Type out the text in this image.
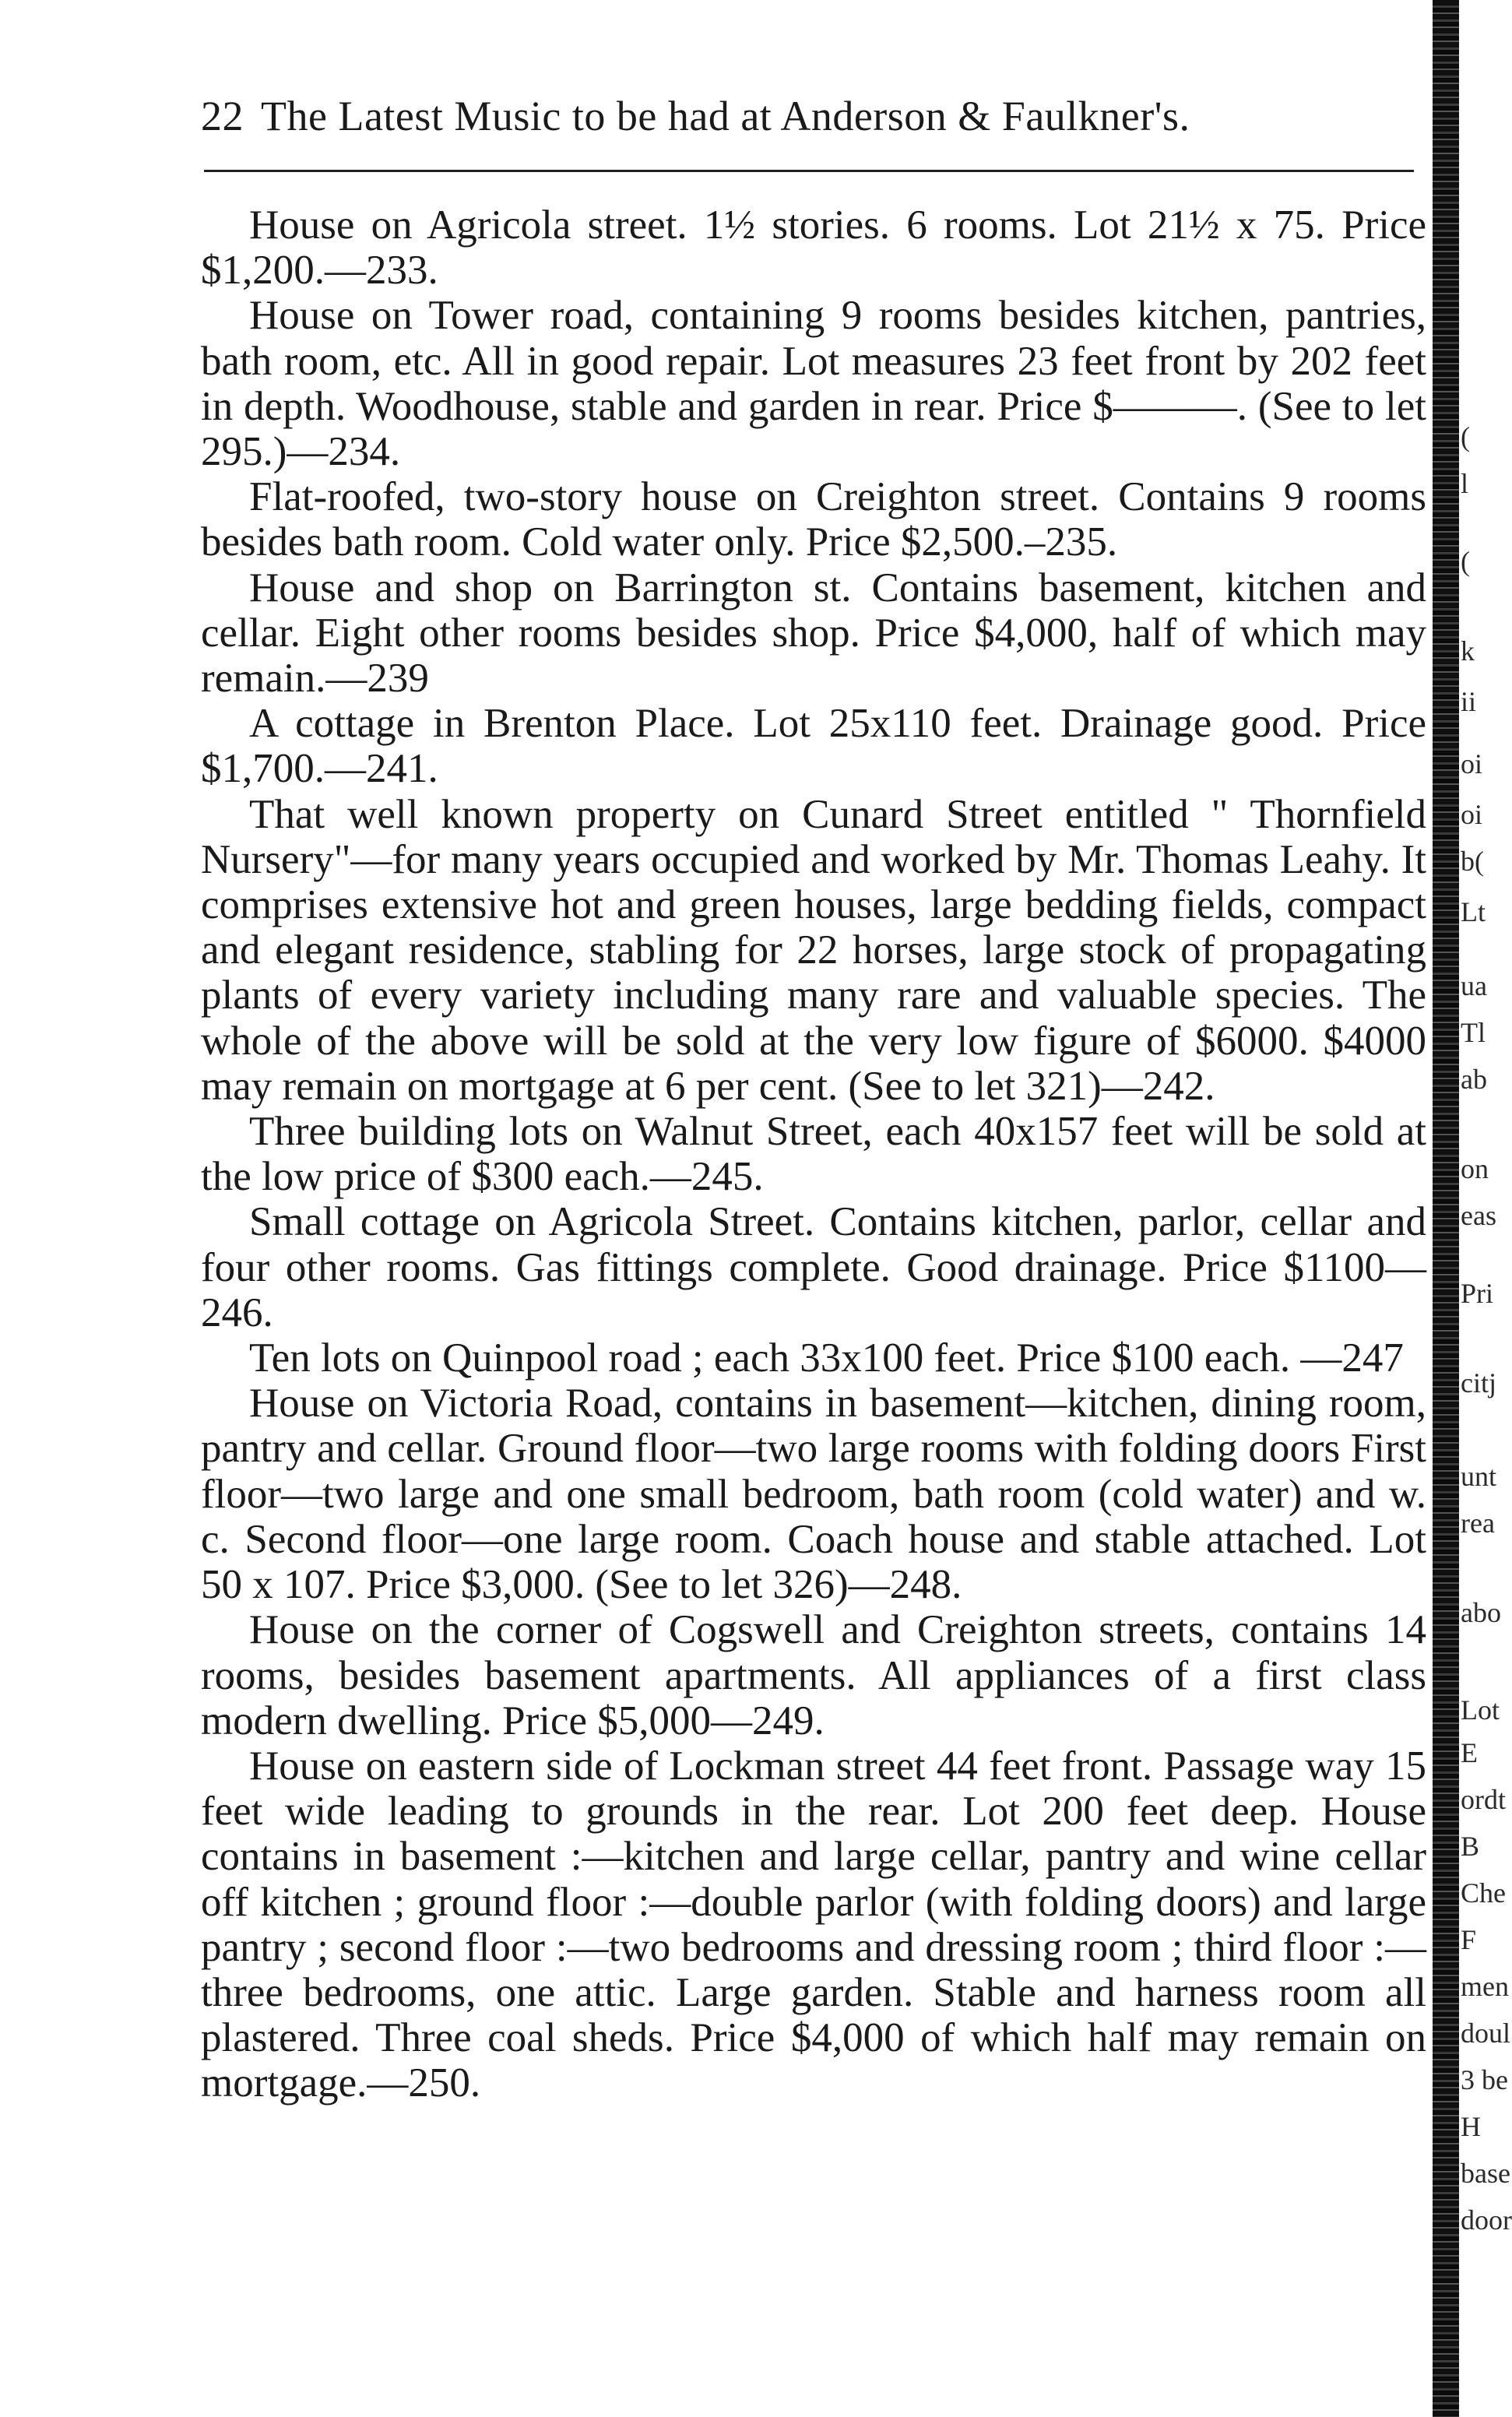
22 The Latest Music to be had at Anderson & Faulkner's.

House on Agricola street. 1½ stories. 6 rooms. Lot 21½ x 75. Price $1,200.—233.

House on Tower road, containing 9 rooms besides kitchen, pantries, bath room, etc. All in good repair. Lot measures 23 feet front by 202 feet in depth. Woodhouse, stable and garden in rear. Price $———. (See to let 295.)—234.

Flat-roofed, two-story house on Creighton street. Contains 9 rooms besides bath room. Cold water only. Price $2,500.–235.

House and shop on Barrington st. Contains basement, kitchen and cellar. Eight other rooms besides shop. Price $4,000, half of which may remain.—239

A cottage in Brenton Place. Lot 25x110 feet. Drainage good. Price $1,700.—241.

That well known property on Cunard Street entitled " Thornfield Nursery"—for many years occupied and worked by Mr. Thomas Leahy. It comprises extensive hot and green houses, large bedding fields, compact and elegant residence, stabling for 22 horses, large stock of propagating plants of every variety including many rare and valuable species. The whole of the above will be sold at the very low figure of $6000. $4000 may remain on mortgage at 6 per cent. (See to let 321)—242.

Three building lots on Walnut Street, each 40x157 feet will be sold at the low price of $300 each.—245.

Small cottage on Agricola Street. Contains kitchen, parlor, cellar and four other rooms. Gas fittings complete. Good drainage. Price $1100—246.

Ten lots on Quinpool road ; each 33x100 feet. Price $100 each. —247

House on Victoria Road, contains in basement—kitchen, dining room, pantry and cellar. Ground floor—two large rooms with folding doors First floor—two large and one small bedroom, bath room (cold water) and w. c. Second floor—one large room. Coach house and stable attached. Lot 50 x 107. Price $3,000. (See to let 326)—248.

House on the corner of Cogswell and Creighton streets, contains 14 rooms, besides basement apartments. All appliances of a first class modern dwelling. Price $5,000—249.

House on eastern side of Lockman street 44 feet front. Passage way 15 feet wide leading to grounds in the rear. Lot 200 feet deep. House contains in basement :—kitchen and large cellar, pantry and wine cellar off kitchen ; ground floor :—double parlor (with folding doors) and large pantry ; second floor :—two bedrooms and dressing room ; third floor :—three bedrooms, one attic. Large garden. Stable and harness room all plastered. Three coal sheds. Price $4,000 of which half may remain on mortgage.—250.

(
l
(
k
ii
oi
oi
b(
Lt
ua
Tl
ab
on
eas
Pri
citj
unt
rea
abo
Lot
E
ordt
B
Che
F
men
doul
3 be
H
base
door
